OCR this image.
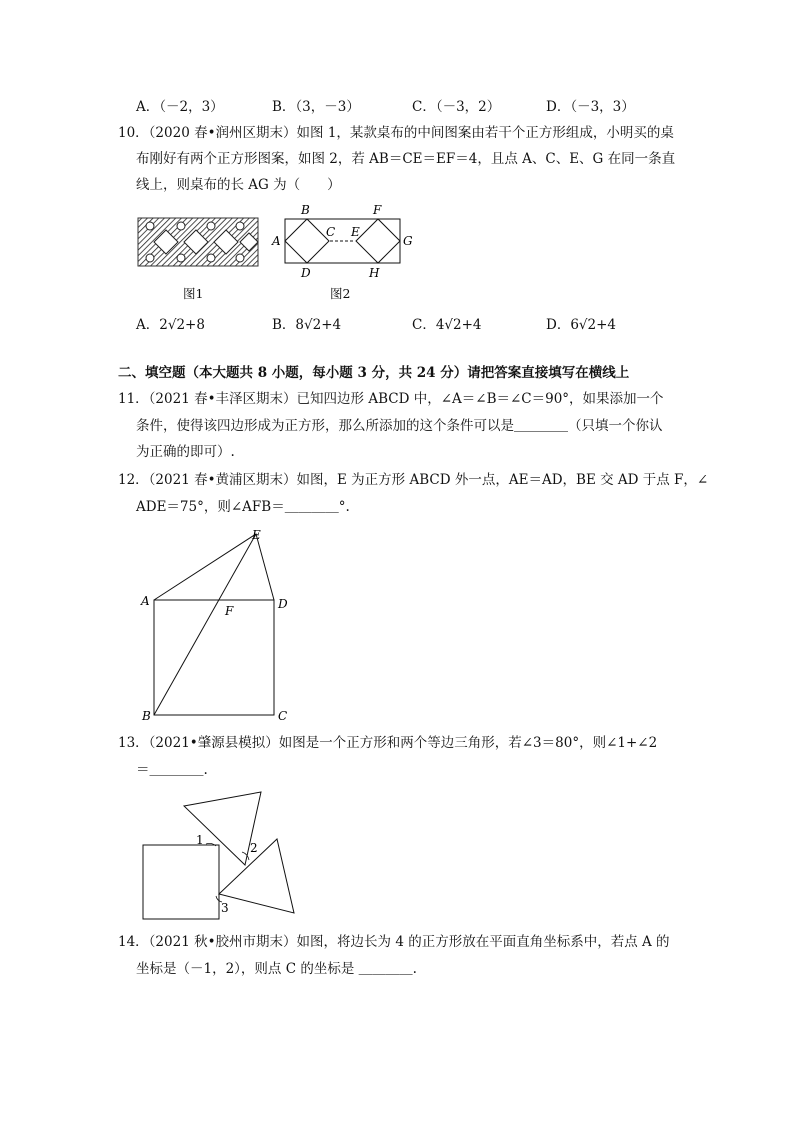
A．（－2，3）	B．（3，－3）	C．（－3，2）	D．（－3，3）
10．（2020 春•润州区期末）如图 1，某款桌布的中间图案由若干个正方形组成，小明买的桌
布刚好有两个正方形图案，如图 2，若 AB＝CE＝EF＝4，且点 A、C、E、G 在同一条直
线上，则桌布的长 AG 为（　　）
图1
B	F
A
C E
G
D	H
图2
A．2√2+8	B．8√2+4	C．4√2+4	D．6√2+4
二、填空题（本大题共 8 小题，每小题 3 分，共 24 分）请把答案直接填写在横线上
11．（2021 春•丰泽区期末）已知四边形 ABCD 中，∠A＝∠B＝∠C＝90°，如果添加一个
条件，使得该四边形成为正方形，那么所添加的这个条件可以是＿＿＿＿（只填一个你认
为正确的即可）.
12．（2021 春•黄浦区期末）如图，E 为正方形 ABCD 外一点，AE＝AD，BE 交 AD 于点 F，∠
ADE＝75°，则∠AFB＝＿＿＿＿°.
E
A
F	D
B	C
13．（2021•肇源县模拟）如图是一个正方形和两个等边三角形，若∠3＝80°，则∠1+∠2
＝＿＿＿＿.
1
2
3
14．（2021 秋•胶州市期末）如图，将边长为 4 的正方形放在平面直角坐标系中，若点 A 的
坐标是（－1，2），则点 C 的坐标是 ＿＿＿＿.
